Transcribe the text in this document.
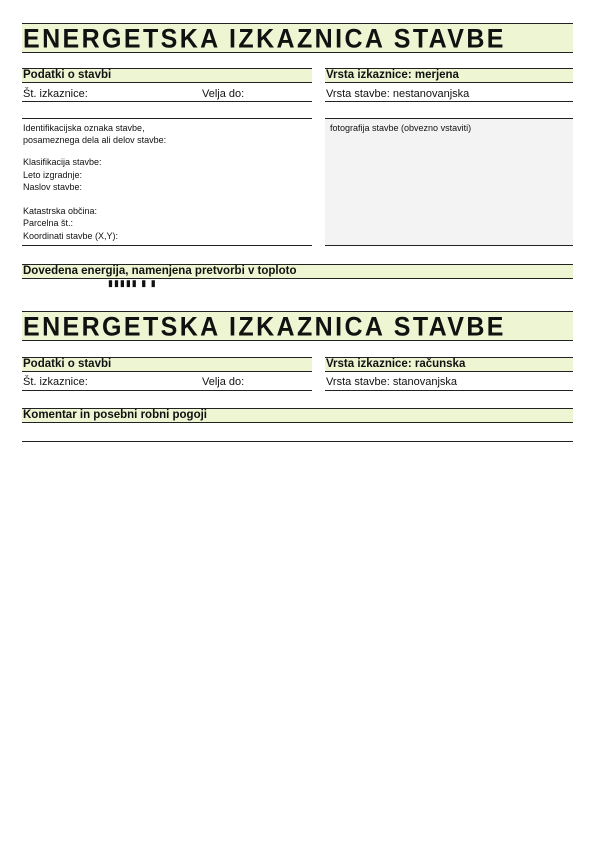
ENERGETSKA IZKAZNICA STAVBE
Podatki o stavbi
Št. izkaznice:	Velja do:
Vrsta izkaznice: merjena
Vrsta stavbe: nestanovanjska
Identifikacijska oznaka stavbe,
posameznega dela ali delov stavbe:
Klasifikacija stavbe:
Leto izgradnje:
Naslov stavbe:
Katastrska občina:
Parcelna št.:
Koordinati stavbe (X,Y):
fotografija stavbe (obvezno vstaviti)
Dovedena energija, namenjena pretvorbi v toploto
▮▮▮▮▮ ▮ ▮
ENERGETSKA IZKAZNICA STAVBE
Podatki o stavbi
Št. izkaznice:	Velja do:
Vrsta izkaznice: računska
Vrsta stavbe: stanovanjska
Komentar in posebni robni pogoji
